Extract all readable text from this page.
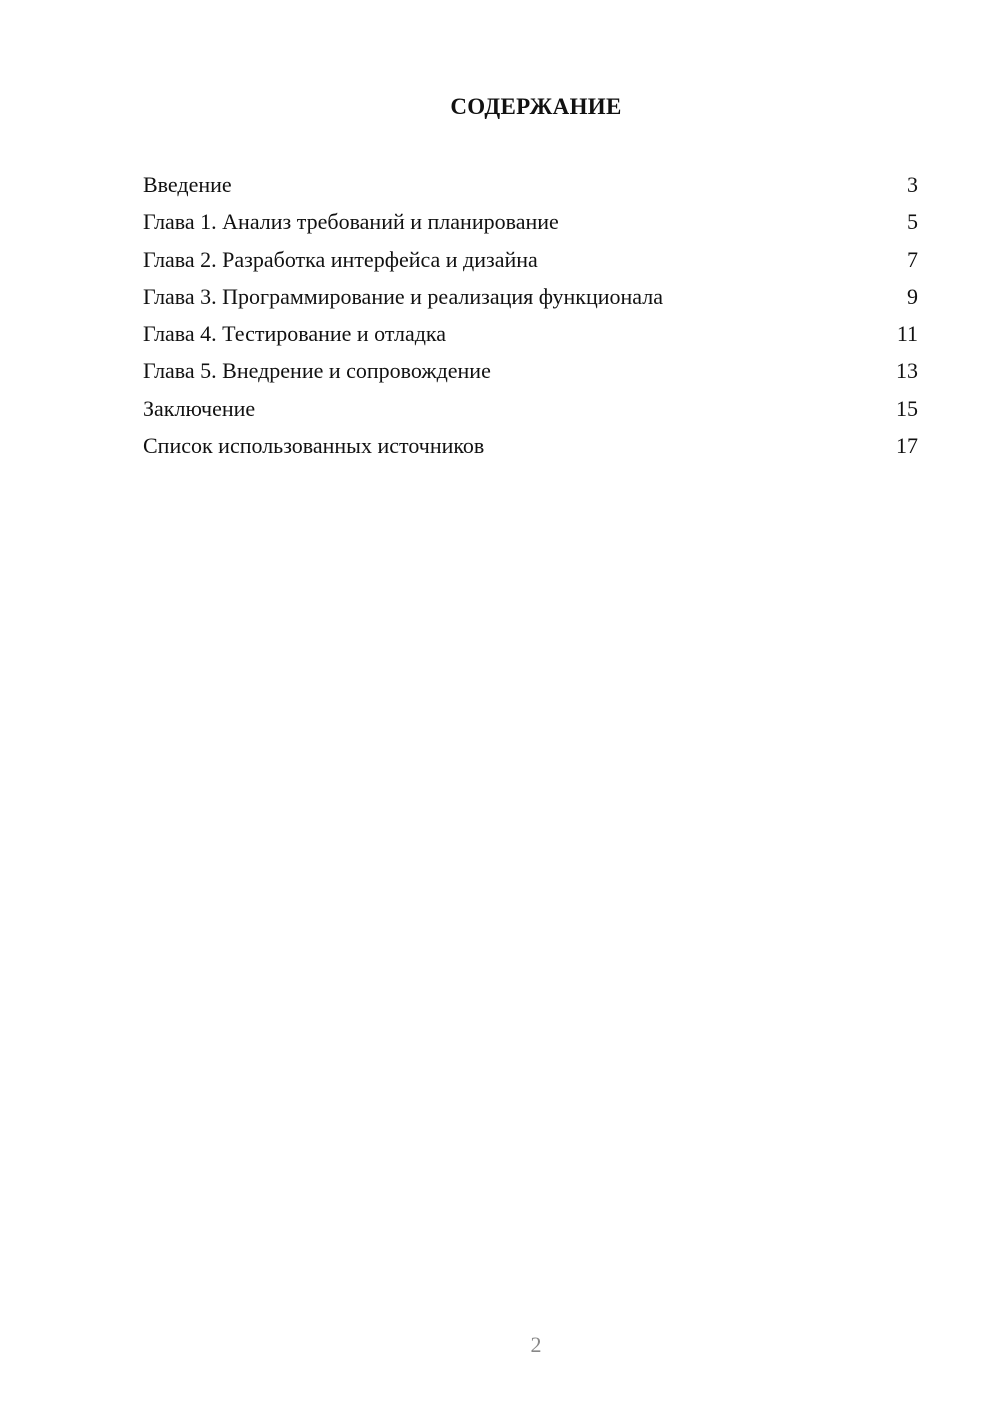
СОДЕРЖАНИЕ
Введение	3
Глава 1. Анализ требований и планирование	5
Глава 2. Разработка интерфейса и дизайна	7
Глава 3. Программирование и реализация функционала	9
Глава 4. Тестирование и отладка	11
Глава 5. Внедрение и сопровождение	13
Заключение	15
Список использованных источников	17
2
